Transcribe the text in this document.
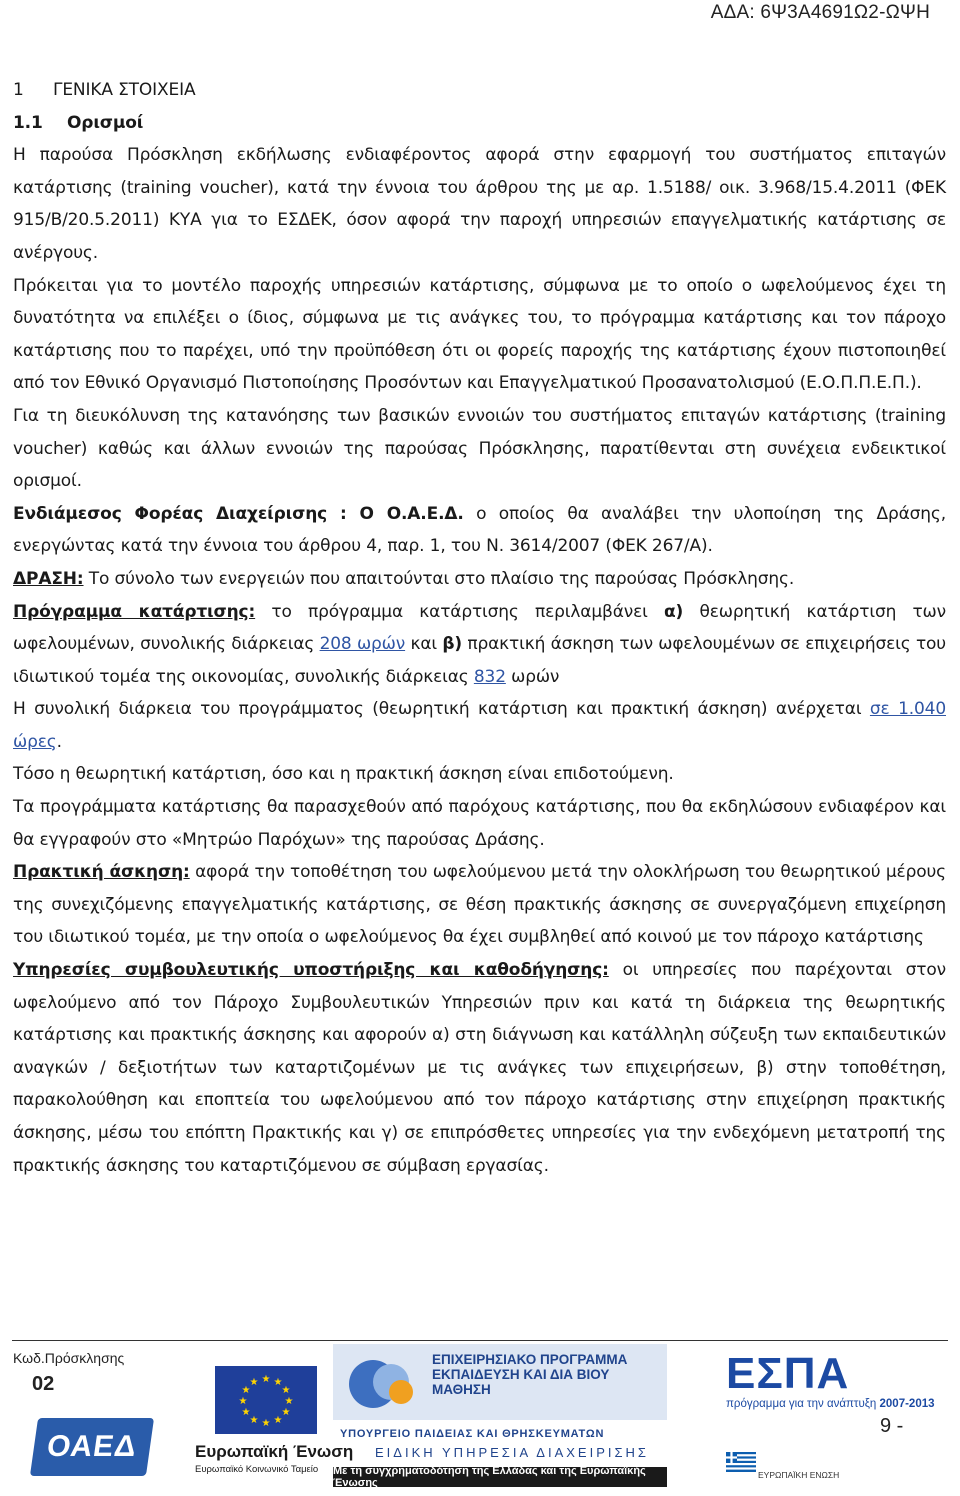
ΑΔΑ: 6Ψ3Α4691Ω2-ΩΨΗ

1 ΓΕΝΙΚΑ ΣΤΟΙΧΕΙΑ

1.1 Ορισμοί

Η παρούσα Πρόσκληση εκδήλωσης ενδιαφέροντος αφορά στην εφαρμογή του συστήματος επιταγών κατάρτισης (training voucher), κατά την έννοια του άρθρου της με αρ. 1.5188/ οικ. 3.968/15.4.2011 (ΦΕΚ 915/Β/20.5.2011) ΚΥΑ για το ΕΣΔΕΚ, όσον αφορά την παροχή υπηρεσιών επαγγελματικής κατάρτισης σε ανέργους.

Πρόκειται για το μοντέλο παροχής υπηρεσιών κατάρτισης, σύμφωνα με το οποίο ο ωφελούμενος έχει τη δυνατότητα να επιλέξει ο ίδιος, σύμφωνα με τις ανάγκες του, το πρόγραμμα κατάρτισης και τον πάροχο κατάρτισης που το παρέχει, υπό την προϋπόθεση ότι οι φορείς παροχής της κατάρτισης έχουν πιστοποιηθεί από τον Εθνικό Οργανισμό Πιστοποίησης Προσόντων και Επαγγελματικού Προσανατολισμού (Ε.Ο.Π.Π.Ε.Π.).

Για τη διευκόλυνση της κατανόησης των βασικών εννοιών του συστήματος επιταγών κατάρτισης (training voucher) καθώς και άλλων εννοιών της παρούσας Πρόσκλησης, παρατίθενται στη συνέχεια ενδεικτικοί ορισμοί.

Ενδιάμεσος Φορέας Διαχείρισης : Ο Ο.Α.Ε.Δ. ο οποίος θα αναλάβει την υλοποίηση της Δράσης, ενεργώντας κατά την έννοια του άρθρου 4, παρ. 1, του Ν. 3614/2007 (ΦΕΚ 267/Α).

ΔΡΑΣΗ: Το σύνολο των ενεργειών που απαιτούνται στο πλαίσιο της παρούσας Πρόσκλησης.

Πρόγραμμα κατάρτισης: το πρόγραμμα κατάρτισης περιλαμβάνει α) θεωρητική κατάρτιση των ωφελουμένων, συνολικής διάρκειας 208 ωρών και β) πρακτική άσκηση των ωφελουμένων σε επιχειρήσεις του ιδιωτικού τομέα της οικονομίας, συνολικής διάρκειας 832 ωρών

Η συνολική διάρκεια του προγράμματος (θεωρητική κατάρτιση και πρακτική άσκηση) ανέρχεται σε 1.040 ώρες.

Τόσο η θεωρητική κατάρτιση, όσο και η πρακτική άσκηση είναι επιδοτούμενη.

Τα προγράμματα κατάρτισης θα παρασχεθούν από παρόχους κατάρτισης, που θα εκδηλώσουν ενδιαφέρον και θα εγγραφούν στο «Μητρώο Παρόχων» της παρούσας Δράσης.

Πρακτική άσκηση: αφορά την τοποθέτηση του ωφελούμενου μετά την ολοκλήρωση του θεωρητικού μέρους της συνεχιζόμενης επαγγελματικής κατάρτισης, σε θέση πρακτικής άσκησης σε συνεργαζόμενη επιχείρηση του ιδιωτικού τομέα, με την οποία ο ωφελούμενος θα έχει συμβληθεί από κοινού με τον πάροχο κατάρτισης

Υπηρεσίες συμβουλευτικής υποστήριξης και καθοδήγησης: οι υπηρεσίες που παρέχονται στον ωφελούμενο από τον Πάροχο Συμβουλευτικών Υπηρεσιών πριν και κατά τη διάρκεια της θεωρητικής κατάρτισης και πρακτικής άσκησης και αφορούν α) στη διάγνωση και κατάλληλη σύζευξη των εκπαιδευτικών αναγκών / δεξιοτήτων των καταρτιζομένων με τις ανάγκες των επιχειρήσεων, β) στην τοποθέτηση, παρακολούθηση και εποπτεία του ωφελούμενου από τον πάροχο κατάρτισης στην επιχείρηση πρακτικής άσκησης, μέσω του επόπτη Πρακτικής και γ) σε επιπρόσθετες υπηρεσίες για την ενδεχόμενη μετατροπή της πρακτικής άσκησης του καταρτιζόμενου σε σύμβαση εργασίας.

Κωδ.Πρόσκλησης
02
ΟΑΕΔ
★ ★
★
★
★
★
★
★
★
★
★
★
Ευρωπαϊκή Ένωση
Ευρωπαϊκό Κοινωνικό Ταμείο
ΕΠΙΧΕΙΡΗΣΙΑΚΟ ΠΡΟΓΡΑΜΜΑ ΕΚΠΑΙΔΕΥΣΗ ΚΑΙ ΔΙΑ ΒΙΟΥ ΜΑΘΗΣΗ
ΥΠΟΥΡΓΕΙΟ ΠΑΙΔΕΙΑΣ ΚΑΙ ΘΡΗΣΚΕΥΜΑΤΩΝ
ΕΙΔΙΚΗ ΥΠΗΡΕΣΙΑ ΔΙΑΧΕΙΡΙΣΗΣ
Με τη συγχρηματοδότηση της Ελλάδας και της Ευρωπαϊκής Ένωσης
ΕΣΠΑ
πρόγραμμα για την ανάπτυξη 2007-2013
ΕΥΡΩΠΑΪΚΗ ΕΝΩΣΗ
9 -
